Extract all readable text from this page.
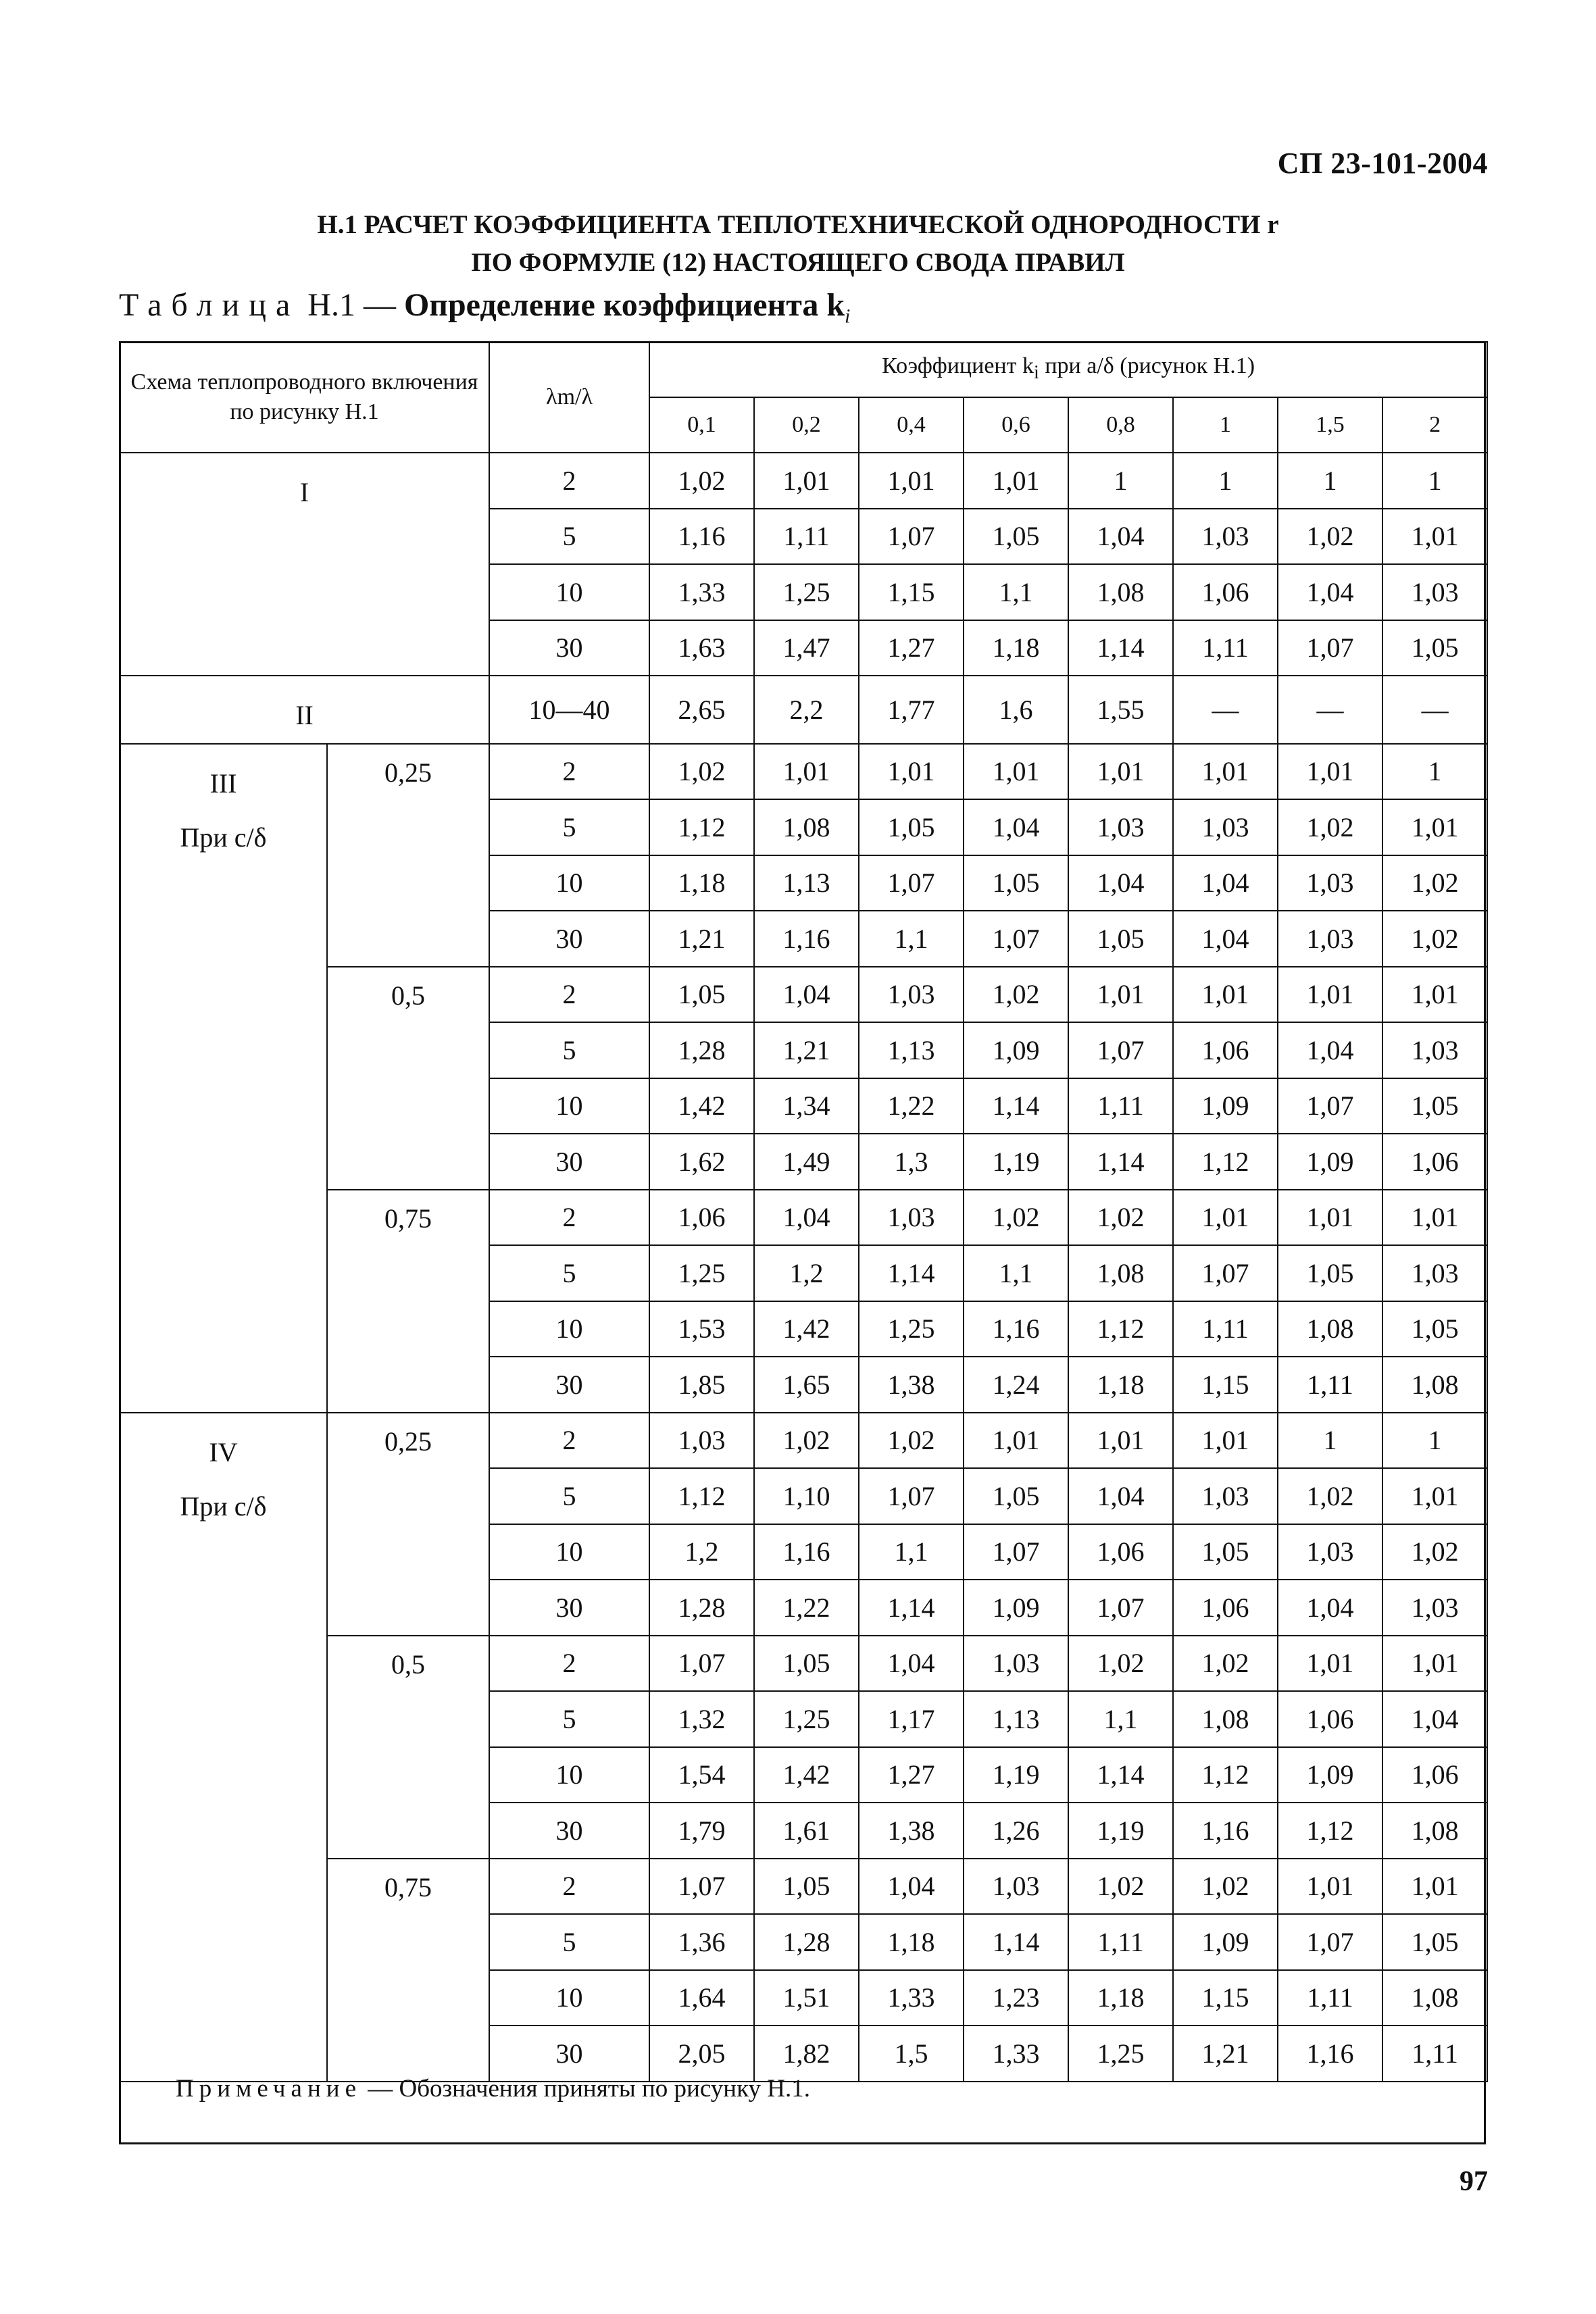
СП 23-101-2004
Н.1 РАСЧЕТ КОЭФФИЦИЕНТА ТЕПЛОТЕХНИЧЕСКОЙ ОДНОРОДНОСТИ r
ПО ФОРМУЛЕ (12) НАСТОЯЩЕГО СВОДА ПРАВИЛ
Таблица Н.1 — Определение коэффициента $k_i$
Схема теплопроводного включения по рисунку Н.1		λm/λ	Коэффициент $k_i$ при a/δ (рисунок Н.1)							
			0,1	0,2	0,4	0,6	0,8	1	1,5	2

I		2	1,02	1,01	1,01	1,01	1	1	1	1
		5	1,16	1,11	1,07	1,05	1,04	1,03	1,02	1,01
		10	1,33	1,25	1,15	1,1	1,08	1,06	1,04	1,03
		30	1,63	1,47	1,27	1,18	1,14	1,11	1,07	1,05

II		10—40	2,65	2,2	1,77	1,6	1,55	—	—	—

III
При c/δ	0,25	2	1,02	1,01	1,01	1,01	1,01	1,01	1,01	1
		5	1,12	1,08	1,05	1,04	1,03	1,03	1,02	1,01
		10	1,18	1,13	1,07	1,05	1,04	1,04	1,03	1,02
		30	1,21	1,16	1,1	1,07	1,05	1,04	1,03	1,02
	0,5	2	1,05	1,04	1,03	1,02	1,01	1,01	1,01	1,01
		5	1,28	1,21	1,13	1,09	1,07	1,06	1,04	1,03
		10	1,42	1,34	1,22	1,14	1,11	1,09	1,07	1,05
		30	1,62	1,49	1,3	1,19	1,14	1,12	1,09	1,06
	0,75	2	1,06	1,04	1,03	1,02	1,02	1,01	1,01	1,01
		5	1,25	1,2	1,14	1,1	1,08	1,07	1,05	1,03
		10	1,53	1,42	1,25	1,16	1,12	1,11	1,08	1,05
		30	1,85	1,65	1,38	1,24	1,18	1,15	1,11	1,08

IV
При c/δ	0,25	2	1,03	1,02	1,02	1,01	1,01	1,01	1	1
		5	1,12	1,10	1,07	1,05	1,04	1,03	1,02	1,01
		10	1,2	1,16	1,1	1,07	1,06	1,05	1,03	1,02
		30	1,28	1,22	1,14	1,09	1,07	1,06	1,04	1,03
	0,5	2	1,07	1,05	1,04	1,03	1,02	1,02	1,01	1,01
		5	1,32	1,25	1,17	1,13	1,1	1,08	1,06	1,04
		10	1,54	1,42	1,27	1,19	1,14	1,12	1,09	1,06
		30	1,79	1,61	1,38	1,26	1,19	1,16	1,12	1,08
	0,75	2	1,07	1,05	1,04	1,03	1,02	1,02	1,01	1,01
		5	1,36	1,28	1,18	1,14	1,11	1,09	1,07	1,05
		10	1,64	1,51	1,33	1,23	1,18	1,15	1,11	1,08
		30	2,05	1,82	1,5	1,33	1,25	1,21	1,16	1,11
Примечание — Обозначения приняты по рисунку Н.1.
97
